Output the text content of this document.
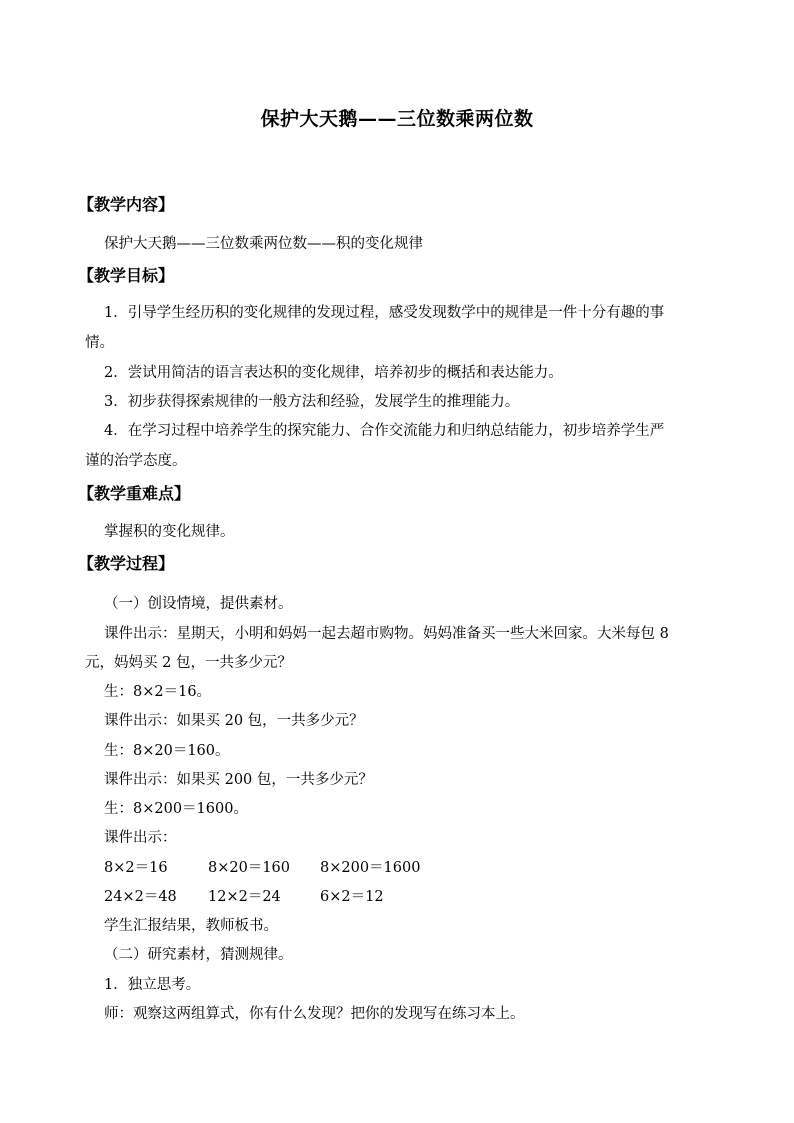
保护大天鹅——三位数乘两位数
【教学内容】
保护大天鹅——三位数乘两位数——积的变化规律
【教学目标】
1．引导学生经历积的变化规律的发现过程，感受发现数学中的规律是一件十分有趣的事
情。
2．尝试用简洁的语言表达积的变化规律，培养初步的概括和表达能力。
3．初步获得探索规律的一般方法和经验，发展学生的推理能力。
4．在学习过程中培养学生的探究能力、合作交流能力和归纳总结能力，初步培养学生严
谨的治学态度。
【教学重难点】
掌握积的变化规律。
【教学过程】
（一）创设情境，提供素材。
课件出示：星期天，小明和妈妈一起去超市购物。妈妈准备买一些大米回家。大米每包 8
元，妈妈买 2 包，一共多少元？
生：8×2＝16。
课件出示：如果买 20 包，一共多少元？
生：8×20＝160。
课件出示：如果买 200 包，一共多少元？
生：8×200＝1600。
课件出示：
8×2＝16	8×20＝160 8×200＝1600
24×2＝48 12×2＝24	6×2＝12
学生汇报结果，教师板书。
（二）研究素材，猜测规律。
1．独立思考。
师：观察这两组算式，你有什么发现？把你的发现写在练习本上。
